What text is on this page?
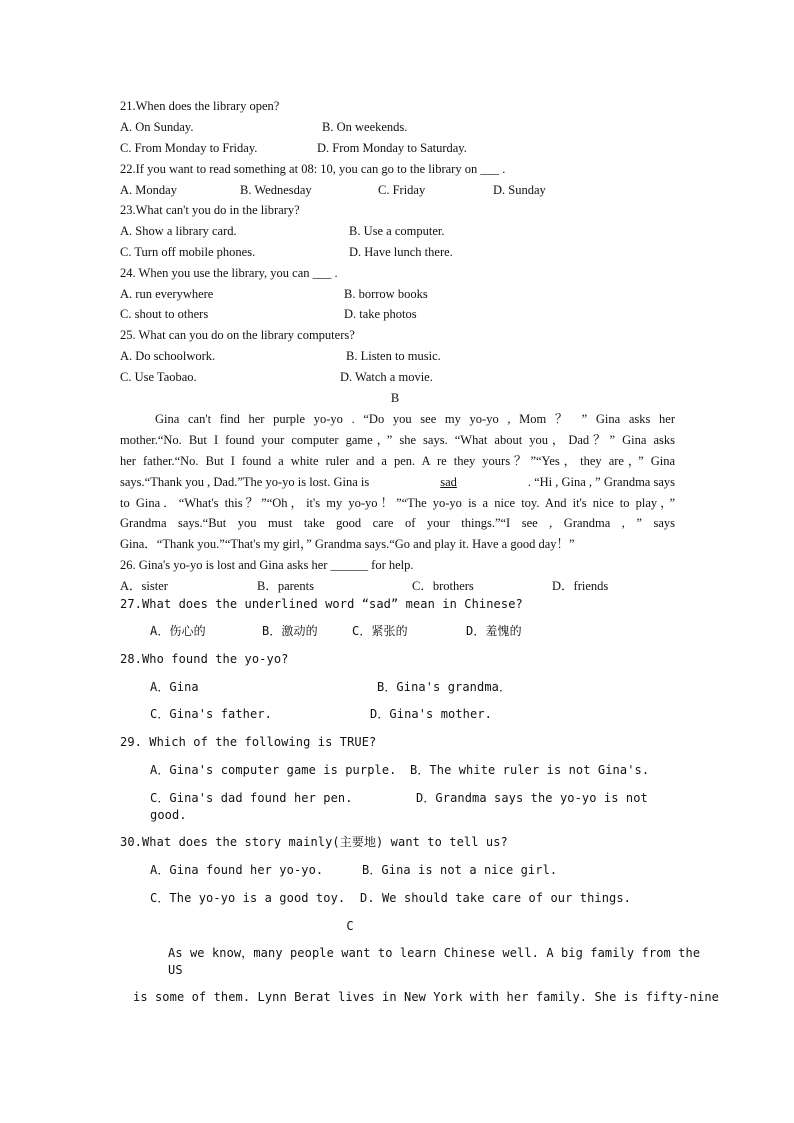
21.When does the library open?
A. On Sunday.	B. On weekends.
C. From Monday to Friday.	D. From Monday to Saturday.
22.If you want to read something at 08: 10, you can go to the library on ___ .
A. Monday	B. Wednesday	C. Friday	D. Sunday
23.What can't you do in the library?
A. Show a library card.	B. Use a computer.
C. Turn off mobile phones.	D. Have lunch there.
24. When you use the library, you can ___ .
A. run everywhere	B. borrow books
C. shout to others	D. take photos
25. What can you do on the library computers?
A. Do schoolwork.	B. Listen to music.
C. Use Taobao.	D. Watch a movie.
B
Gina can't find her purple yo-yo . “Do you see my yo-yo , Mom ？ ” Gina asks her
mother.“No. But I found your computer game，” she says. “What about you，Dad？” Gina asks
her father.“No. But I found a white ruler and a pen. A re they yours？”“Yes，they are，” Gina
says.“Thank you , Dad.”The yo-yo is lost. Gina is	sad	. “Hi , Gina , ” Grandma says
to Gina．“What's this？”“Oh，it's my yo-yo！”“The yo-yo is a nice toy. And it's nice to play，”
Grandma says.“But you must take good care of your things.”“I see , Grandma , ” says
Gina．“Thank you.”“That's my girl，” Grandma says.“Go and play it. Have a good day！”
26. Gina's yo-yo is lost and Gina asks her ______ for help.
A．sister	B．parents	C．brothers	D．friends
27.What does the underlined word “sad” mean in Chinese?
A．伤心的	B．激动的	C．紧张的	D．羞愧的
28.Who found the yo-yo?
A．Gina	B．Gina's grandma．
C．Gina's father.	D．Gina's mother.
29. Which of the following is TRUE?
A．Gina's computer game is purple. B．The white ruler is not Gina's.
C．Gina's dad found her pen.	D．Grandma says the yo-yo is not
good.
30.What does the story mainly(主要地) want to tell us?
A．Gina found her yo-yo.	B．Gina is not a nice girl.
C．The yo-yo is a good toy. D. We should take care of our things.
C
As we know，many people want to learn Chinese well. A big family from the
US
is some of them. Lynn Berat lives in New York with her family. She is fifty-nine
